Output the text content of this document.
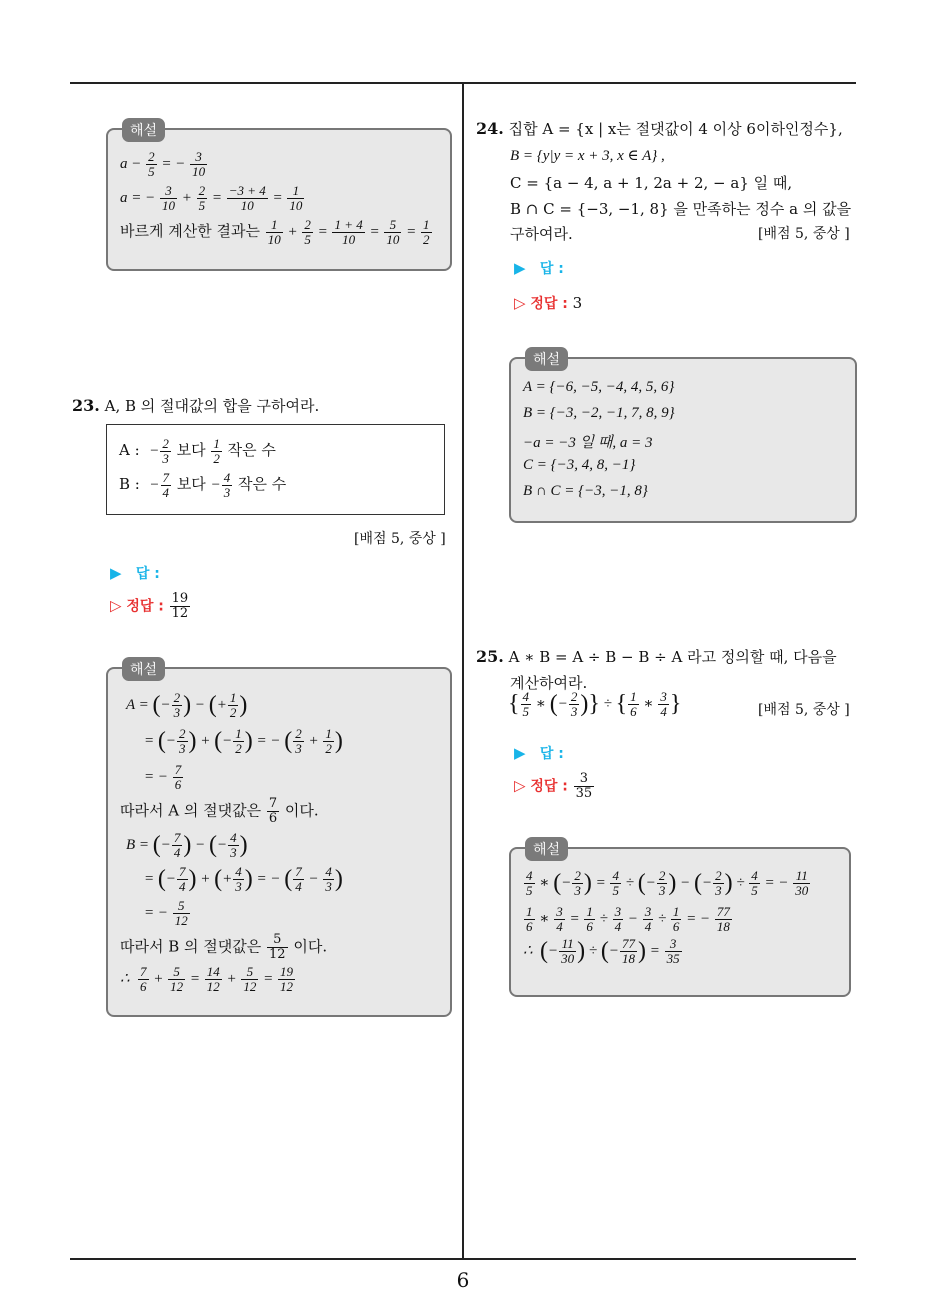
해설
$a - \frac{2}{5}$ = − $\frac{3}{10}$
a = − $\frac{3}{10} + \frac{2}{5} = \frac{-3 + 4}{10} = \frac{1}{10}$
바르게 계산한 결과는 $\frac{1}{10} + \frac{2}{5} = \frac{1 + 4}{10} = \frac{5}{10} = \frac{1}{2}$
23. A, B 의 절대값의 합을 구하여라.
A : − $\frac{2}{3}$ 보다 $\frac{1}{2}$ 작은 수
B : − $\frac{7}{4}$ 보다 − $\frac{4}{3}$ 작은 수
[배점 5, 중상 ]
▶ 답 :
▷ 정답 : $\frac{19}{12}$
해설
A = (− $\frac{2}{3}$ ) − (+ $\frac{1}{2}$ )
= (− $\frac{2}{3}$ ) + (− $\frac{1}{2}$ ) = − ( $\frac{2}{3} + \frac{1}{2}$ )
= − $\frac{7}{6}$
따라서 A 의 절댓값은 $\frac{7}{6}$ 이다.
B = (− $\frac{7}{4}$ ) − (− $\frac{4}{3}$ )
= (− $\frac{7}{4}$ ) + (+ $\frac{4}{3}$ ) = − ( $\frac{7}{4} - \frac{4}{3}$ )
= − $\frac{5}{12}$
따라서 B 의 절댓값은 $\frac{5}{12}$ 이다.
∴ $\frac{7}{6} + \frac{5}{12} = \frac{14}{12} + \frac{5}{12} = \frac{19}{12}$
24. 집합 A = {x | x는 절댓값이 4 이상 6이하인정수},
B = {y|y = x + 3, x ∈ A} ,
C = {a − 4, a + 1, 2a + 2, − a} 일 때,
B ∩ C = {−3, −1, 8} 을 만족하는 정수 a 의 값을
구하여라.	[배점 5, 중상 ]
▶ 답 :
▷ 정답 : 3
해설
A = {−6, −5, −4, 4, 5, 6}
B = {−3, −2, −1, 7, 8, 9}
−a = −3 일 때, a = 3
C = {−3, 4, 8, −1}
B ∩ C = {−3, −1, 8}
25. A ∗ B = A ÷ B − B ÷ A 라고 정의할 때, 다음을
계산하여라.
{ $\frac{4}{5}$ ∗ (− $\frac{2}{3}$ )} ÷ { $\frac{1}{6}$ ∗ $\frac{3}{4}$ }	[배점 5, 중상 ]
▶ 답 :
▷ 정답 : $\frac{3}{35}$
해설
$\frac{4}{5}$ ∗ (− $\frac{2}{3}$ ) = $\frac{4}{5}$ ÷ (− $\frac{2}{3}$ ) − (− $\frac{2}{3}$ ) ÷ $\frac{4}{5}$ = − $\frac{11}{30}$
$\frac{1}{6}$ ∗ $\frac{3}{4} = \frac{1}{6} \div \frac{3}{4} - \frac{3}{4} \div \frac{1}{6}$ = − $\frac{77}{18}$
∴  (− $\frac{11}{30}$ ) ÷ (− $\frac{77}{18}$ ) = $\frac{3}{35}$
6
